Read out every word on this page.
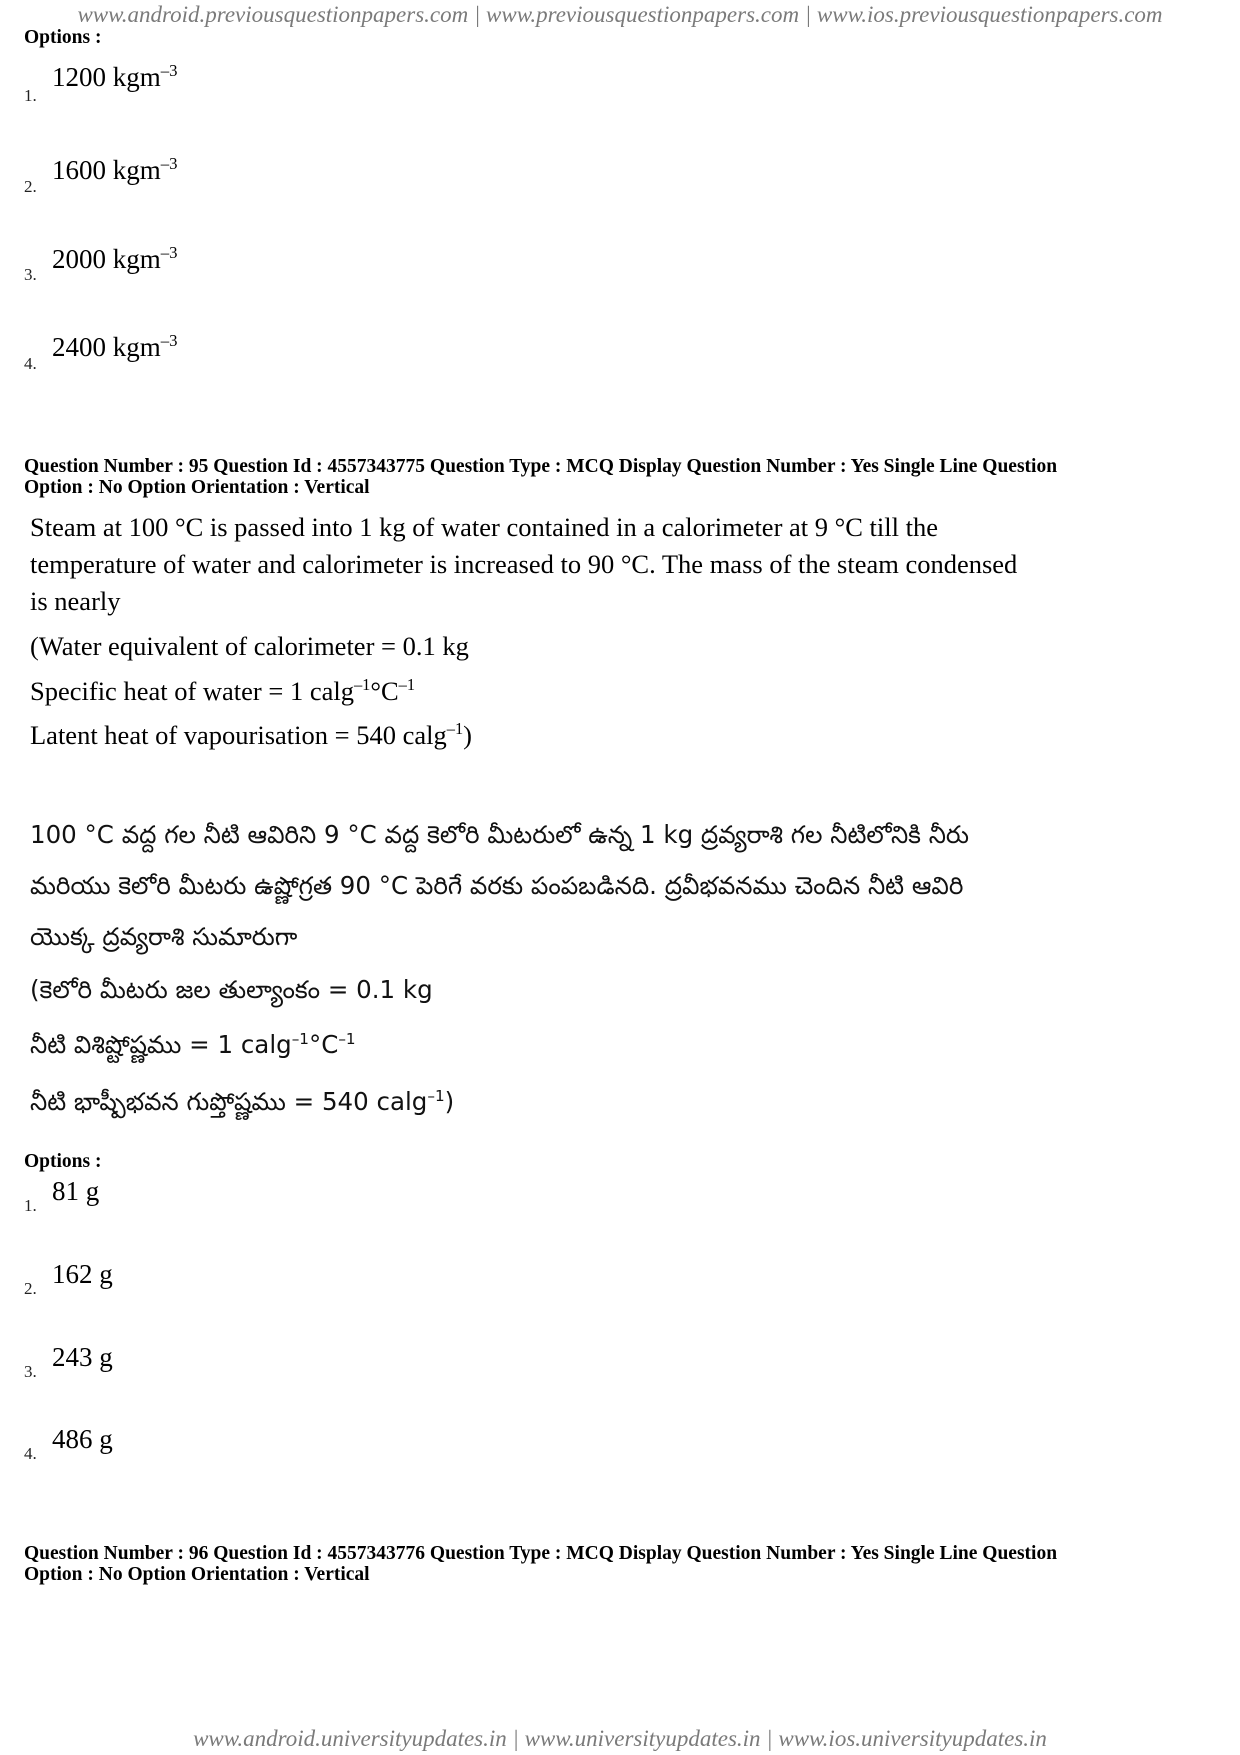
www.android.previousquestionpapers.com | www.previousquestionpapers.com | www.ios.previousquestionpapers.com
Options :
1.
1200 kgm$^{-3}$
2.
1600 kgm$^{-3}$
3.
2000 kgm$^{-3}$
4.
2400 kgm$^{-3}$
Question Number : 95 Question Id : 4557343775 Question Type : MCQ Display Question Number : Yes Single Line Question
Option : No Option Orientation : Vertical
Steam at 100 °C is passed into 1 kg of water contained in a calorimeter at 9 °C till the
temperature of water and calorimeter is increased to 90 °C. The mass of the steam condensed
is nearly
(Water equivalent of calorimeter = 0.1 kg
Specific heat of water = 1 $calg^{-1}^\circ C^{-1}$
Latent heat of vapourisation = 540 calg$^{-1}$)
100 °C వద్ద గల నీటి ఆవిరిని 9 °C వద్ద కెలోరి మీటరులో ఉన్న 1 kg ద్రవ్యరాశి గల నీటిలోనికి నీరు
మరియు కెలోరి మీటరు ఉష్ణోగ్రత 90 °C పెరిగే వరకు పంపబడినది. ద్రవీభవనము చెందిన నీటి ఆవిరి
యొక్క ద్రవ్యరాశి సుమారుగా
(కెలోరి మీటరు జల తుల్యాంకం = 0.1 kg
నీటి విశిష్టోష్ణము = 1 $calg^{-1}^\circ C^{-1}$
నీటి భాష్పీభవన గుప్తోష్ణము = 540 calg$^{-1}$)
Options :
1. 81 g
2. 162 g
3. 243 g
4. 486 g
Question Number : 96 Question Id : 4557343776 Question Type : MCQ Display Question Number : Yes Single Line Question
Option : No Option Orientation : Vertical
www.android.universityupdates.in | www.universityupdates.in | www.ios.universityupdates.in
